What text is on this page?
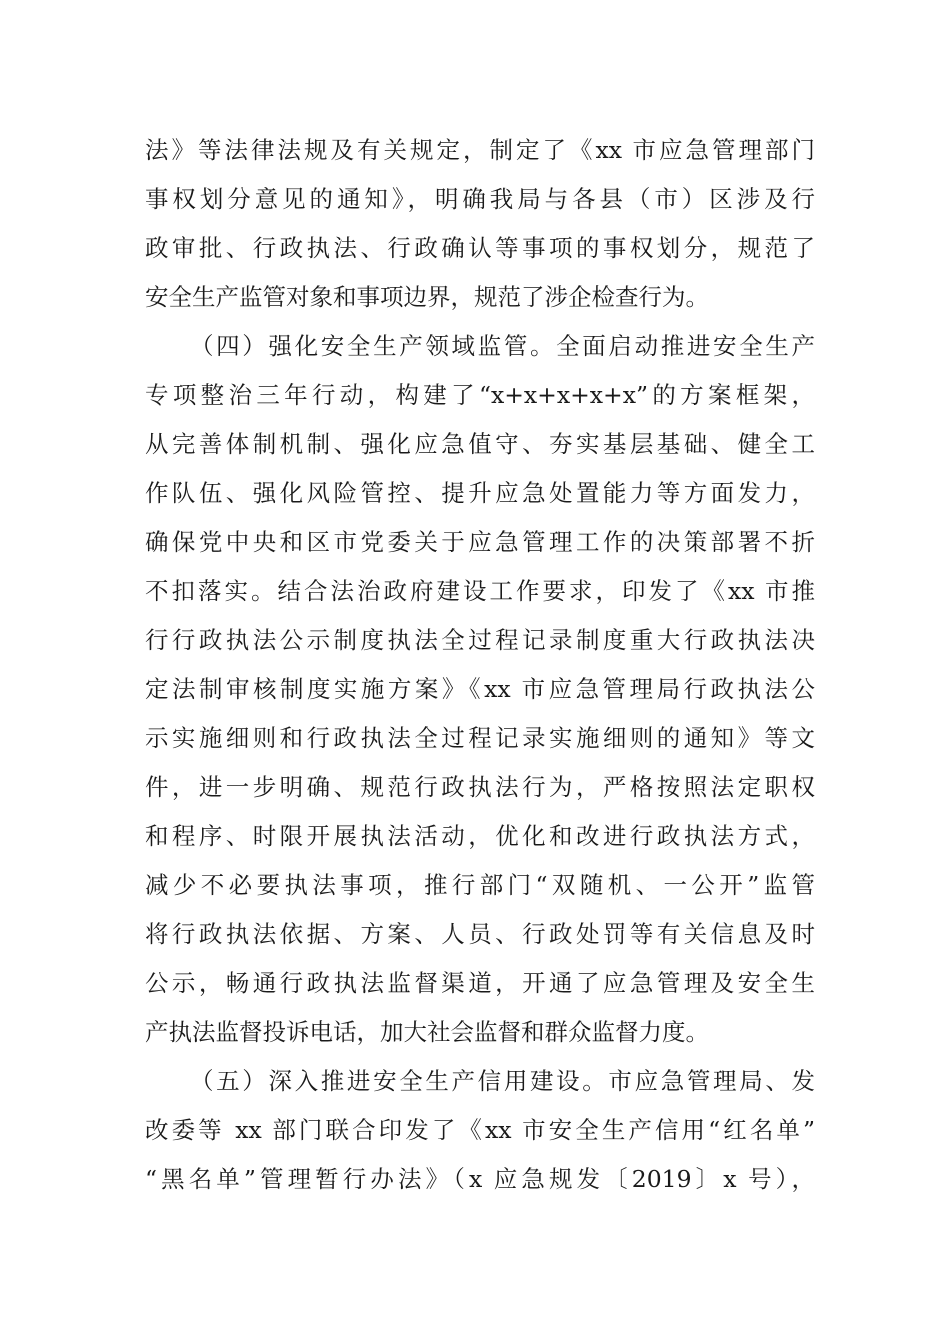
法》等法律法规及有关规定，制定了《xx 市应急管理部门
事权划分意见的通知》，明确我局与各县（市）区涉及行
政审批、行政执法、行政确认等事项的事权划分，规范了
安全生产监管对象和事项边界，规范了涉企检查行为。
（四）强化安全生产领域监管。全面启动推进安全生产
专项整治三年行动，构建了“x+x+x+x+x”的方案框架，
从完善体制机制、强化应急值守、夯实基层基础、健全工
作队伍、强化风险管控、提升应急处置能力等方面发力，
确保党中央和区市党委关于应急管理工作的决策部署不折
不扣落实。结合法治政府建设工作要求，印发了《xx 市推
行行政执法公示制度执法全过程记录制度重大行政执法决
定法制审核制度实施方案》《xx 市应急管理局行政执法公
示实施细则和行政执法全过程记录实施细则的通知》等文
件，进一步明确、规范行政执法行为，严格按照法定职权
和程序、时限开展执法活动，优化和改进行政执法方式，
减少不必要执法事项，推行部门“双随机、一公开”监管
将行政执法依据、方案、人员、行政处罚等有关信息及时
公示，畅通行政执法监督渠道，开通了应急管理及安全生
产执法监督投诉电话，加大社会监督和群众监督力度。
（五）深入推进安全生产信用建设。市应急管理局、发
改委等 xx 部门联合印发了《xx 市安全生产信用“红名单”
“黑名单”管理暂行办法》（x 应急规发〔2019〕x 号），
